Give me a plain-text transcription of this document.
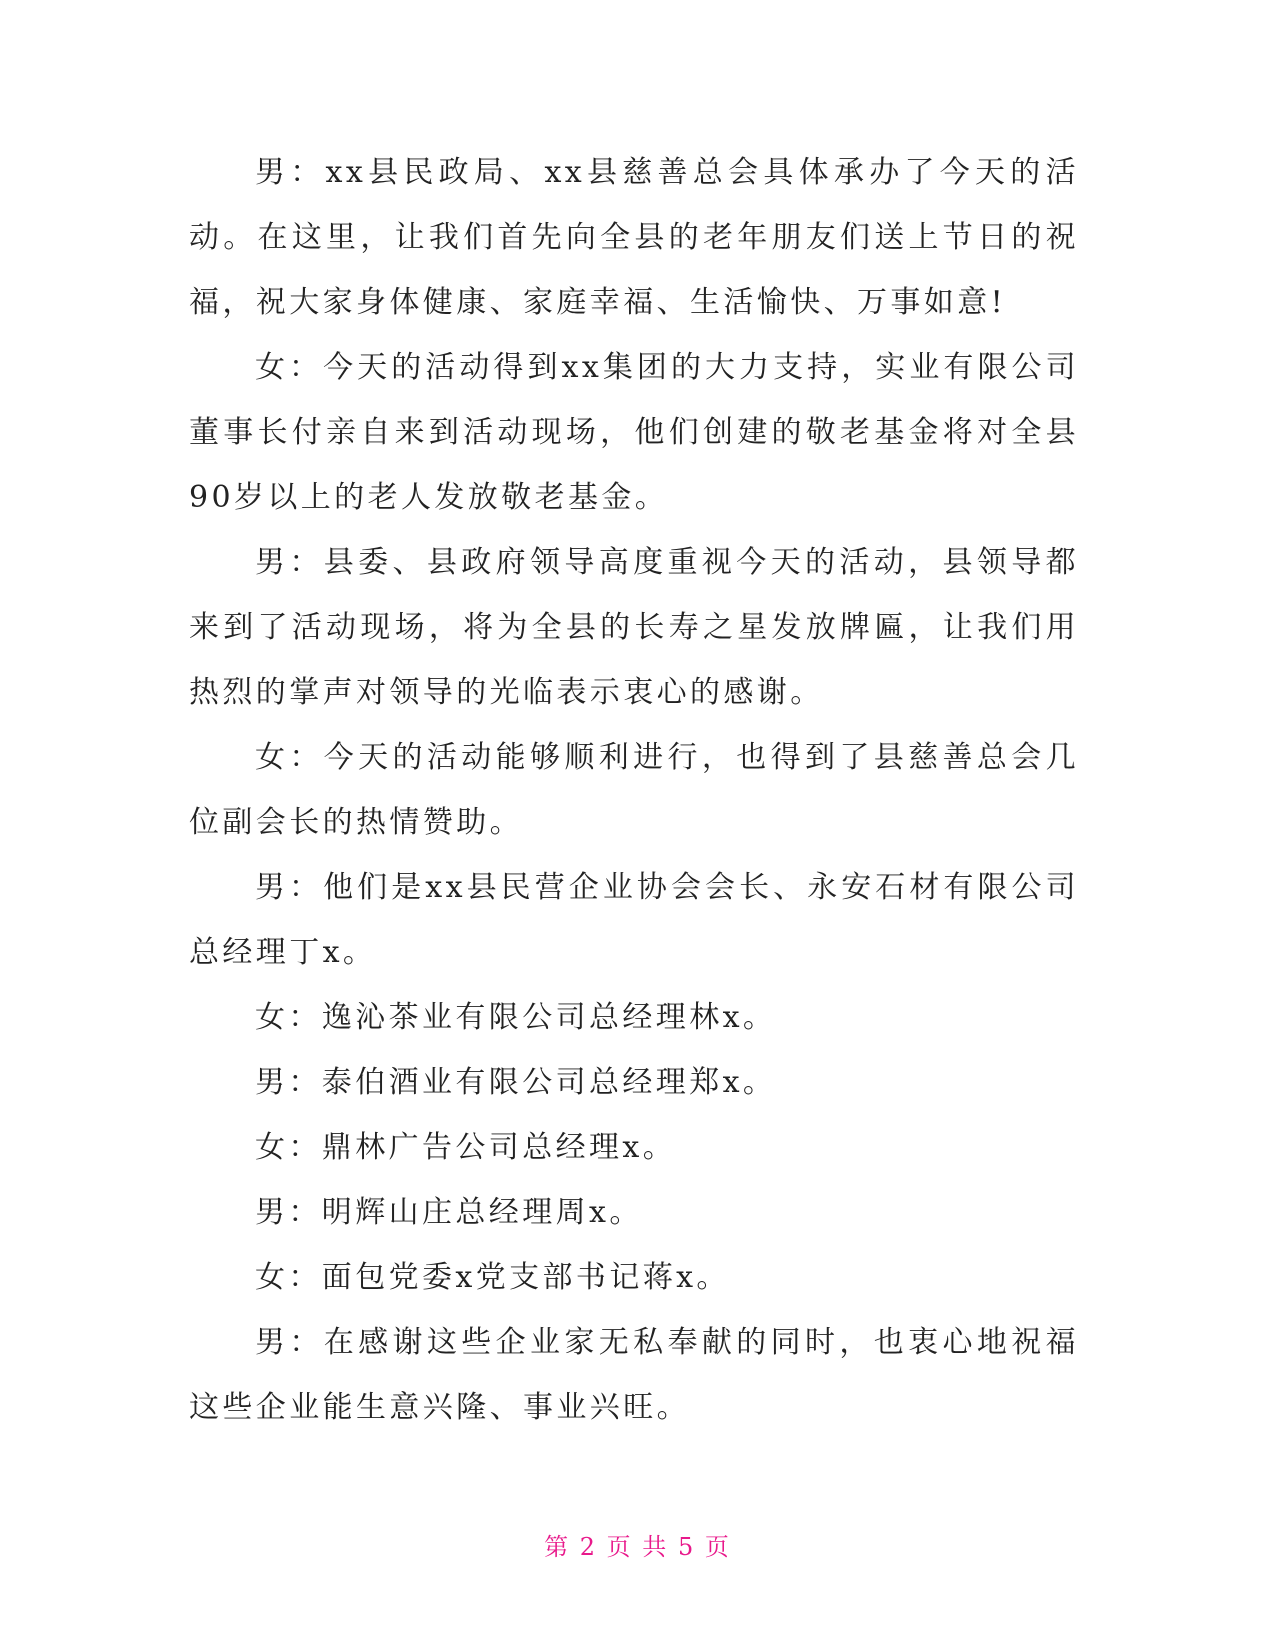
男：xx县民政局、xx县慈善总会具体承办了今天的活动。在这里，让我们首先向全县的老年朋友们送上节日的祝福，祝大家身体健康、家庭幸福、生活愉快、万事如意!

女：今天的活动得到xx集团的大力支持，实业有限公司董事长付亲自来到活动现场，他们创建的敬老基金将对全县90岁以上的老人发放敬老基金。

男：县委、县政府领导高度重视今天的活动，县领导都来到了活动现场，将为全县的长寿之星发放牌匾，让我们用热烈的掌声对领导的光临表示衷心的感谢。

女：今天的活动能够顺利进行，也得到了县慈善总会几位副会长的热情赞助。

男：他们是xx县民营企业协会会长、永安石材有限公司总经理丁x。

女：逸沁茶业有限公司总经理林x。

男：泰伯酒业有限公司总经理郑x。

女：鼎林广告公司总经理x。

男：明辉山庄总经理周x。

女：面包党委x党支部书记蒋x。

男：在感谢这些企业家无私奉献的同时，也衷心地祝福这些企业能生意兴隆、事业兴旺。

第 2 页 共 5 页
